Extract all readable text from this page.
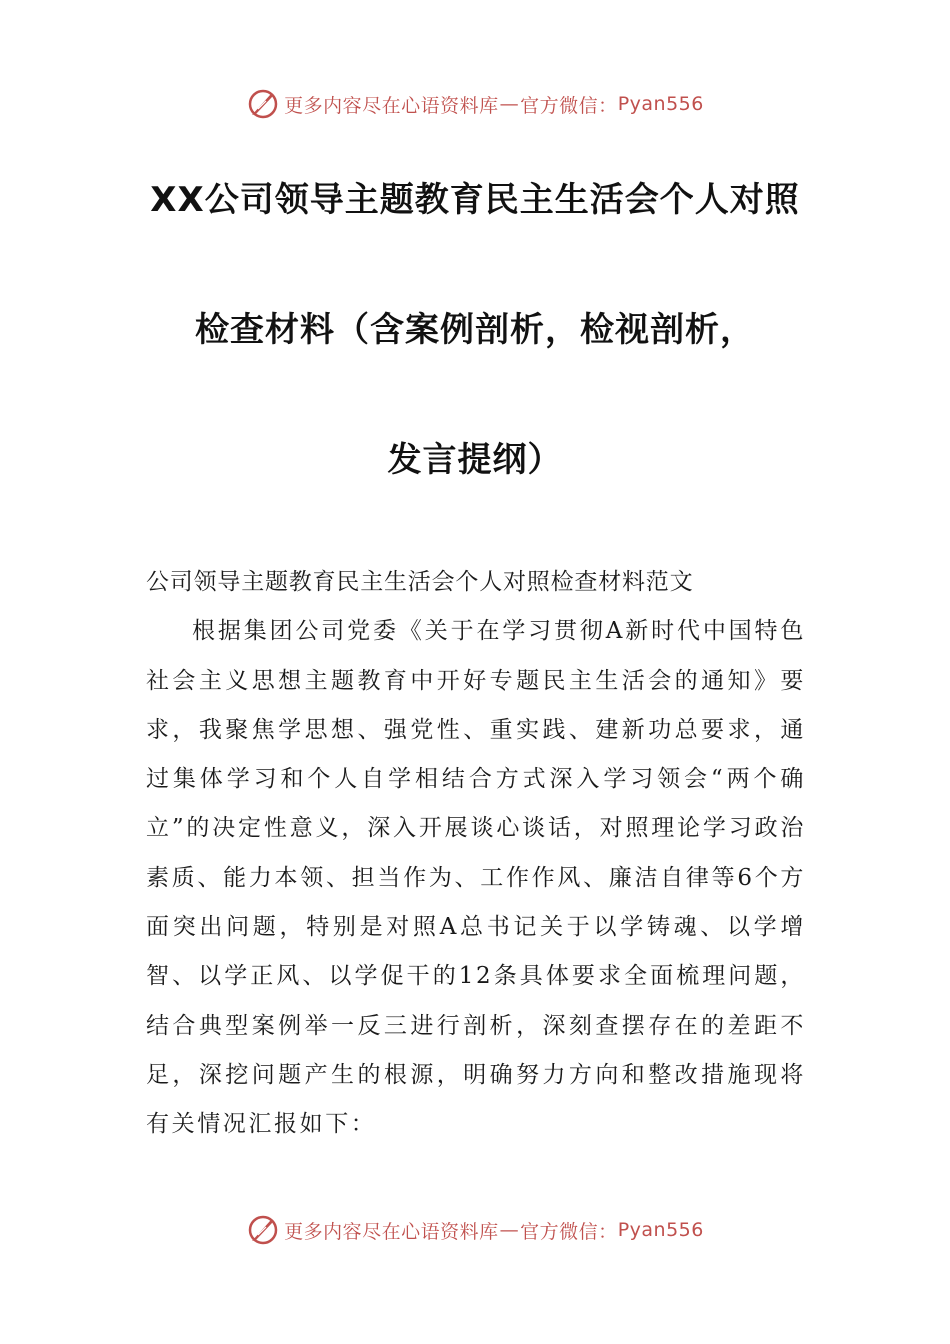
更多内容尽在心语资料库 — 官方微信： Pyan556
XX公司领导主题教育民主生活会个人对照
检查材料（含案例剖析，检视剖析，
发言提纲）

公司领导主题教育民主生活会个人对照检查材料范文

根据集团公司党委《关于在学习贯彻A新时代中国特色社会主义思想主题教育中开好专题民主生活会的通知》要求，我聚焦学思想、强党性、重实践、建新功总要求，通过集体学习和个人自学相结合方式深入学习领会“两个确立”的决定性意义，深入开展谈心谈话，对照理论学习政治素质、能力本领、担当作为、工作作风、廉洁自律等6个方面突出问题，特别是对照A总书记关于以学铸魂、以学增智、以学正风、以学促干的12条具体要求全面梳理问题，结合典型案例举一反三进行剖析，深刻查摆存在的差距不足，深挖问题产生的根源，明确努力方向和整改措施现将有关情况汇报如下：

更多内容尽在心语资料库 — 官方微信： Pyan556
